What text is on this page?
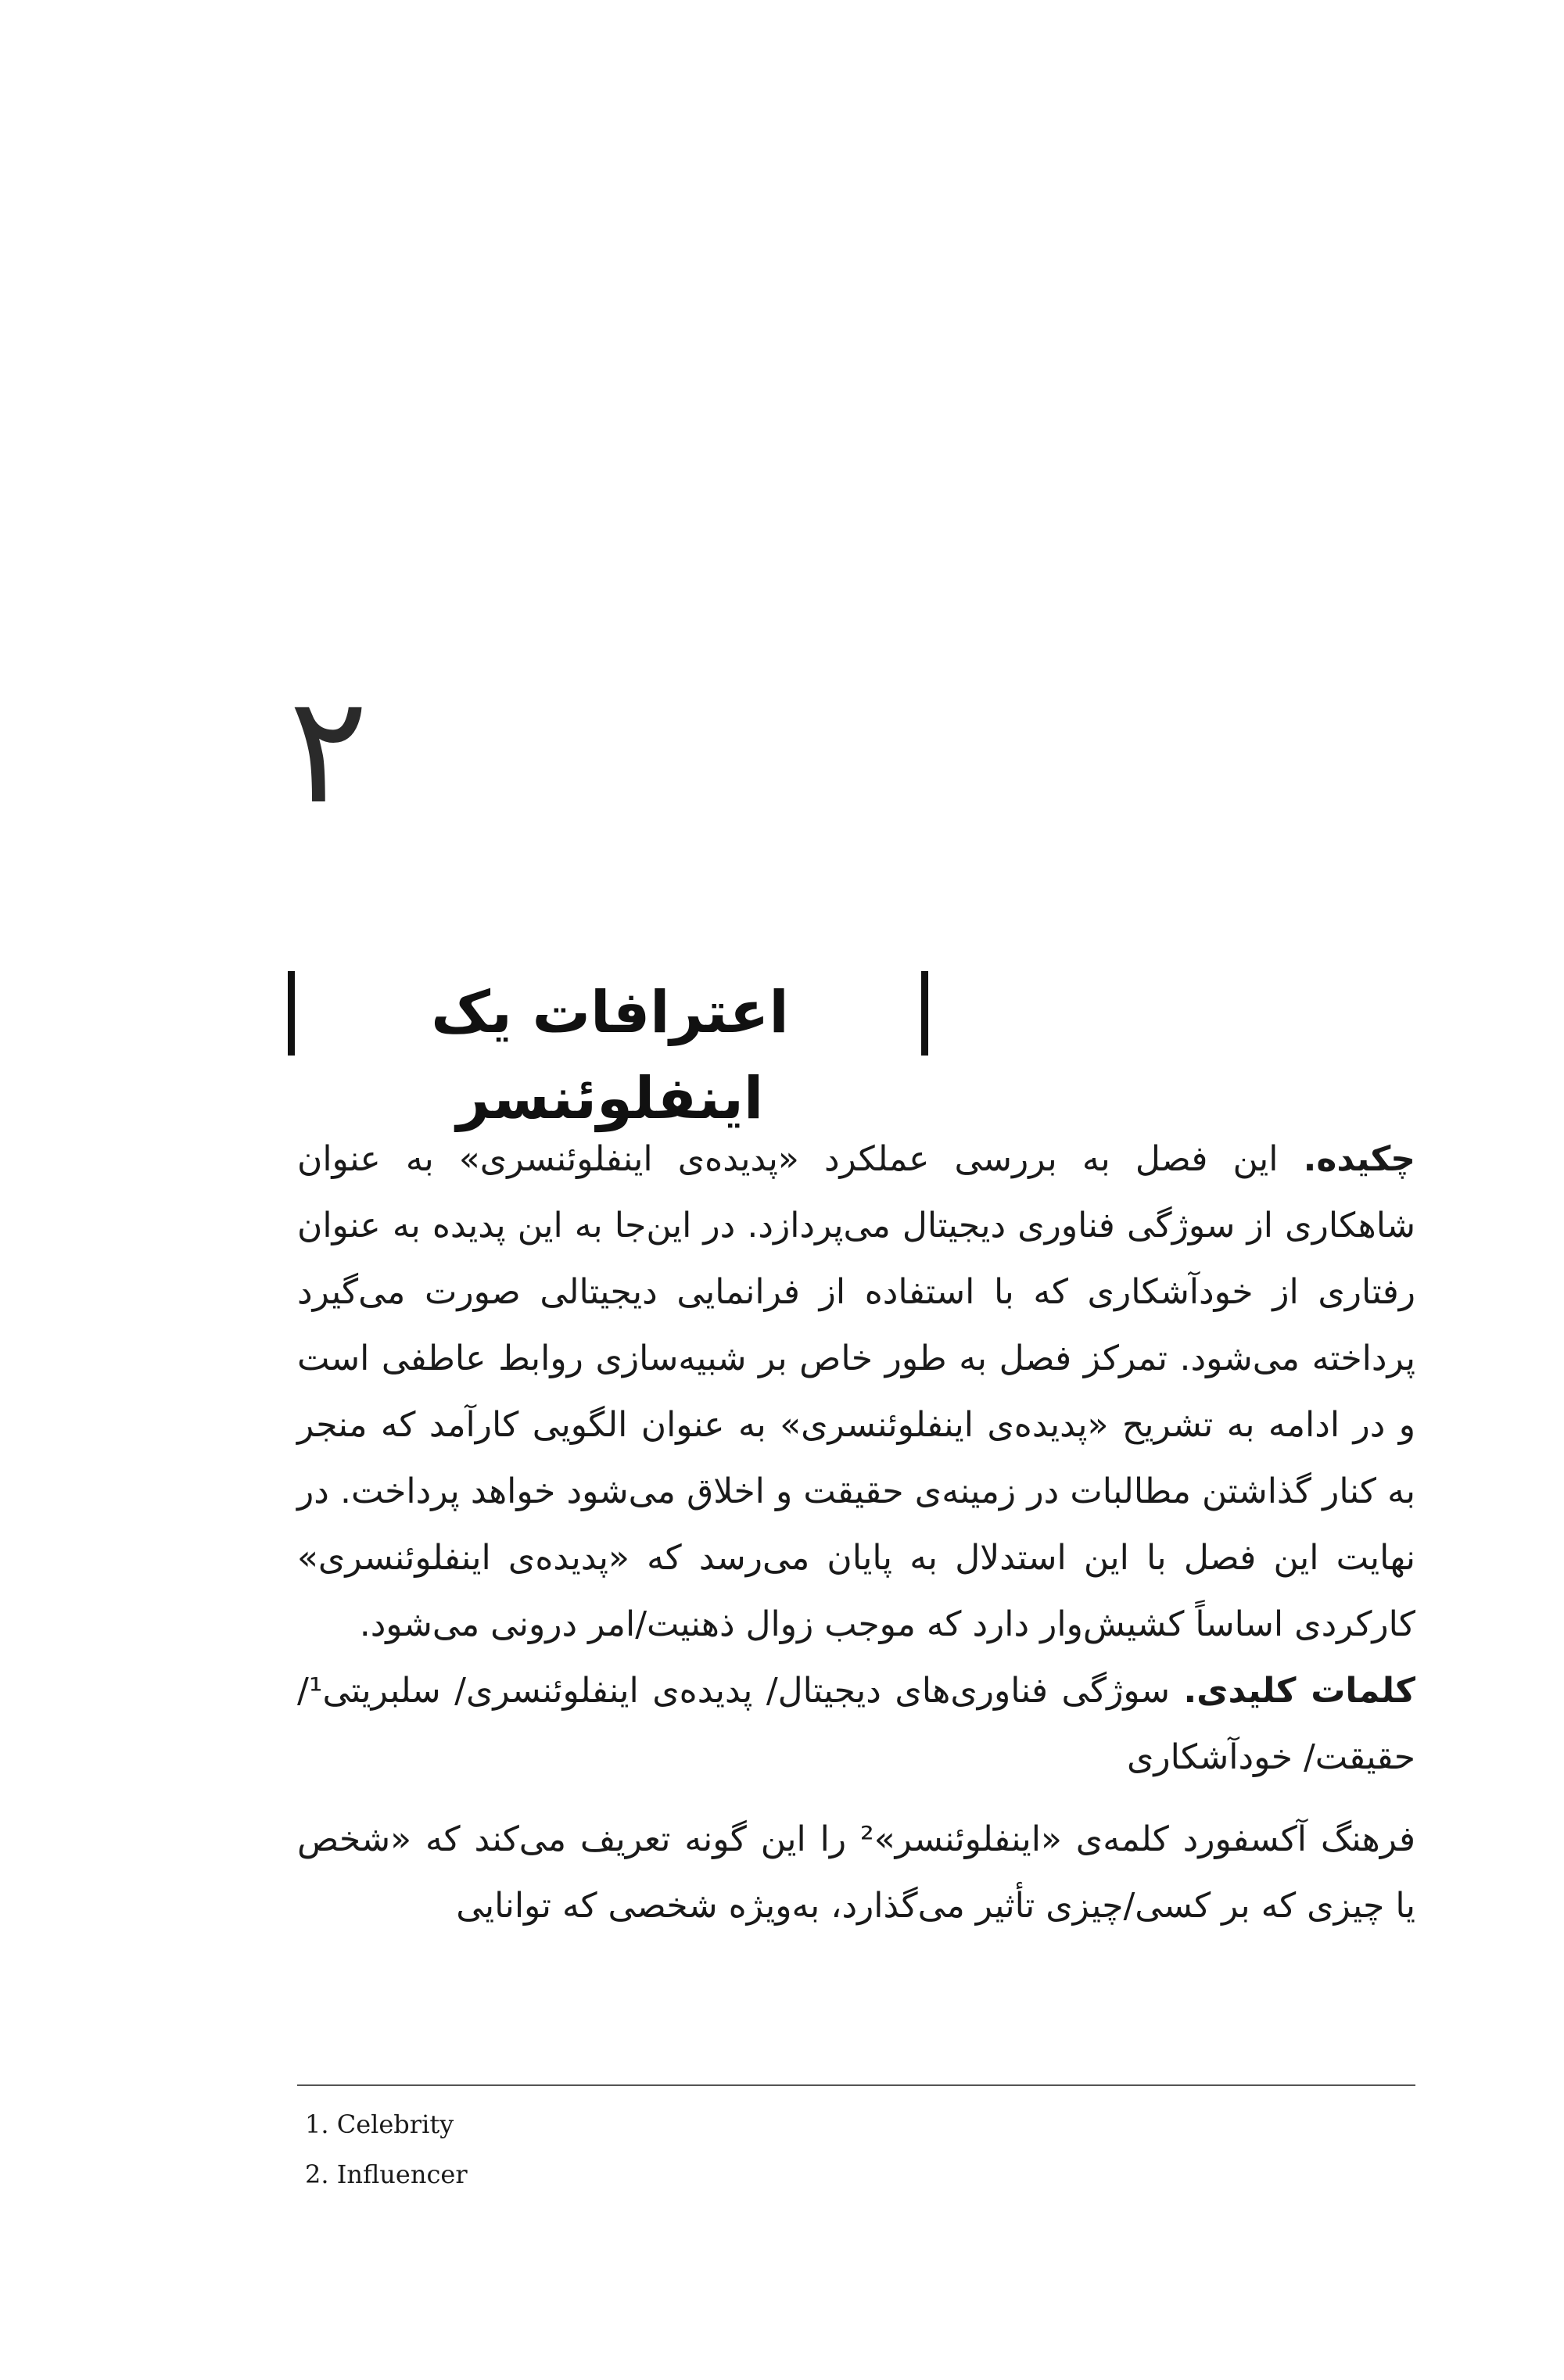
۲
اعترافات یک اینفلوئنسر

چکیده. این فصل به بررسی عملکرد «پدیده‌ی اینفلوئنسری» به عنوان شاهکاری از سوژگی فناوری دیجیتال می‌پردازد. در این‌جا به این پدیده به عنوان رفتاری از خودآشکاری که با استفاده از فرانمایی دیجیتالی صورت می‌گیرد پرداخته می‌شود. تمرکز فصل به طور خاص بر شبیه‌سازی روابط عاطفی است و در ادامه به تشریح «پدیده‌ی اینفلوئنسری» به عنوان الگویی کارآمد که منجر به کنار گذاشتن مطالبات در زمینه‌ی حقیقت و اخلاق می‌شود خواهد پرداخت. در نهایت این فصل با این استدلال به پایان می‌رسد که «پدیده‌ی اینفلوئنسری» کارکردی اساساً کشیش‌وار دارد که موجب زوال ذهنیت/امر درونی می‌شود.

کلمات کلیدی. سوژگی فناوری‌های دیجیتال/ پدیده‌ی اینفلوئنسری/ سلبریتی¹/ حقیقت/ خودآشکاری

فرهنگ آکسفورد کلمه‌ی «اینفلوئنسر»² را این گونه تعریف می‌کند که «شخص یا چیزی که بر کسی/چیزی تأثیر می‌گذارد، به‌ویژه شخصی که توانایی

1. Celebrity
2. Influencer
